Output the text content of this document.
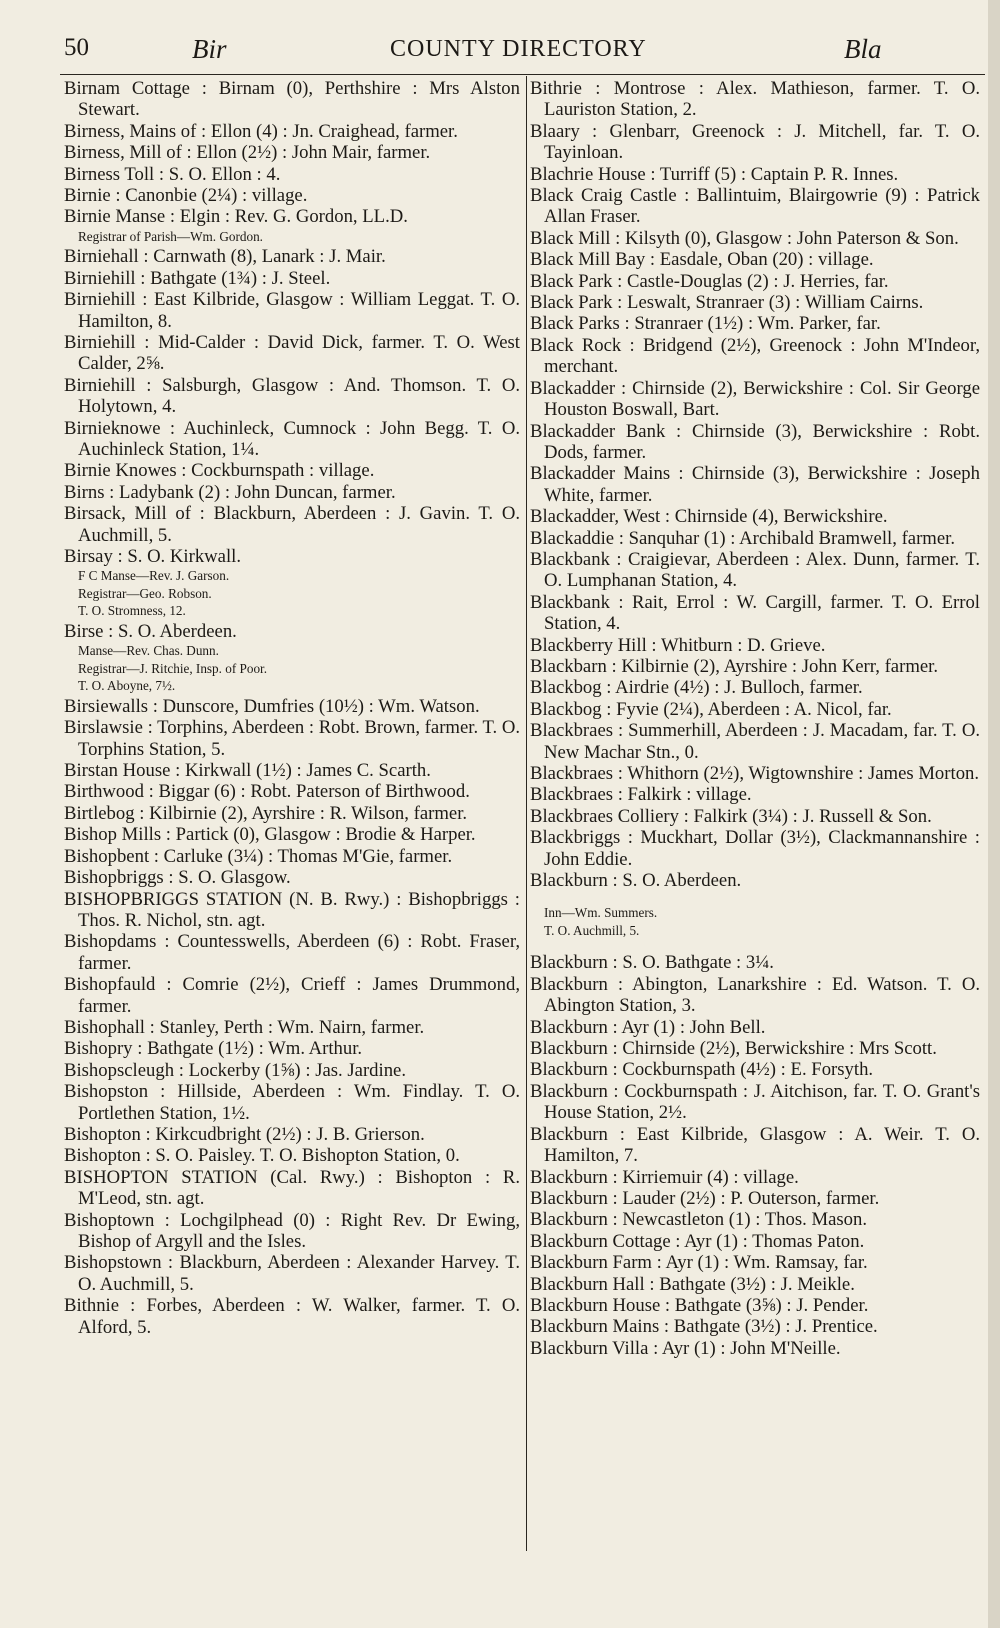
50	Bir	COUNTY DIRECTORY	Bla

Birnam Cottage : Birnam (0), Perthshire : Mrs Alston Stewart.

Birness, Mains of : Ellon (4) : Jn. Craighead, farmer.

Birness, Mill of : Ellon (2½) : John Mair, farmer.

Birness Toll : S. O. Ellon : 4.

Birnie : Canonbie (2¼) : village.

Birnie Manse : Elgin : Rev. G. Gordon, LL.D.

Registrar of Parish—Wm. Gordon.

Birniehall : Carnwath (8), Lanark : J. Mair.

Birniehill : Bathgate (1¾) : J. Steel.

Birniehill : East Kilbride, Glasgow : William Leggat. T. O. Hamilton, 8.

Birniehill : Mid-Calder : David Dick, farmer. T. O. West Calder, 2⅝.

Birniehill : Salsburgh, Glasgow : And. Thomson. T. O. Holytown, 4.

Birnieknowe : Auchinleck, Cumnock : John Begg. T. O. Auchinleck Station, 1¼.

Birnie Knowes : Cockburnspath : village.

Birns : Ladybank (2) : John Duncan, farmer.

Birsack, Mill of : Blackburn, Aberdeen : J. Gavin. T. O. Auchmill, 5.

Birsay : S. O. Kirkwall.

F C Manse—Rev. J. Garson.

Registrar—Geo. Robson.

T. O. Stromness, 12.

Birse : S. O. Aberdeen.

Manse—Rev. Chas. Dunn.

Registrar—J. Ritchie, Insp. of Poor.

T. O. Aboyne, 7½.

Birsiewalls : Dunscore, Dumfries (10½) : Wm. Watson.

Birslawsie : Torphins, Aberdeen : Robt. Brown, farmer. T. O. Torphins Station, 5.

Birstan House : Kirkwall (1½) : James C. Scarth.

Birthwood : Biggar (6) : Robt. Paterson of Birthwood.

Birtlebog : Kilbirnie (2), Ayrshire : R. Wilson, farmer.

Bishop Mills : Partick (0), Glasgow : Brodie & Harper.

Bishopbent : Carluke (3¼) : Thomas M'Gie, farmer.

Bishopbriggs : S. O. Glasgow.

BISHOPBRIGGS STATION (N. B. Rwy.) : Bishopbriggs : Thos. R. Nichol, stn. agt.

Bishopdams : Countesswells, Aberdeen (6) : Robt. Fraser, farmer.

Bishopfauld : Comrie (2½), Crieff : James Drummond, farmer.

Bishophall : Stanley, Perth : Wm. Nairn, farmer.

Bishopry : Bathgate (1½) : Wm. Arthur.

Bishopscleugh : Lockerby (1⅝) : Jas. Jardine.

Bishopston : Hillside, Aberdeen : Wm. Findlay. T. O. Portlethen Station, 1½.

Bishopton : Kirkcudbright (2½) : J. B. Grierson.

Bishopton : S. O. Paisley. T. O. Bishopton Station, 0.

BISHOPTON STATION (Cal. Rwy.) : Bishopton : R. M'Leod, stn. agt.

Bishoptown : Lochgilphead (0) : Right Rev. Dr Ewing, Bishop of Argyll and the Isles.

Bishopstown : Blackburn, Aberdeen : Alexander Harvey. T. O. Auchmill, 5.

Bithnie : Forbes, Aberdeen : W. Walker, farmer. T. O. Alford, 5.

Bithrie : Montrose : Alex. Mathieson, farmer. T. O. Lauriston Station, 2.

Blaary : Glenbarr, Greenock : J. Mitchell, far. T. O. Tayinloan.

Blachrie House : Turriff (5) : Captain P. R. Innes.

Black Craig Castle : Ballintuim, Blairgowrie (9) : Patrick Allan Fraser.

Black Mill : Kilsyth (0), Glasgow : John Paterson & Son.

Black Mill Bay : Easdale, Oban (20) : village.

Black Park : Castle-Douglas (2) : J. Herries, far.

Black Park : Leswalt, Stranraer (3) : William Cairns.

Black Parks : Stranraer (1½) : Wm. Parker, far.

Black Rock : Bridgend (2½), Greenock : John M'Indeor, merchant.

Blackadder : Chirnside (2), Berwickshire : Col. Sir George Houston Boswall, Bart.

Blackadder Bank : Chirnside (3), Berwickshire : Robt. Dods, farmer.

Blackadder Mains : Chirnside (3), Berwickshire : Joseph White, farmer.

Blackadder, West : Chirnside (4), Berwickshire.

Blackaddie : Sanquhar (1) : Archibald Bramwell, farmer.

Blackbank : Craigievar, Aberdeen : Alex. Dunn, farmer. T. O. Lumphanan Station, 4.

Blackbank : Rait, Errol : W. Cargill, farmer. T. O. Errol Station, 4.

Blackberry Hill : Whitburn : D. Grieve.

Blackbarn : Kilbirnie (2), Ayrshire : John Kerr, farmer.

Blackbog : Airdrie (4½) : J. Bulloch, farmer.

Blackbog : Fyvie (2¼), Aberdeen : A. Nicol, far.

Blackbraes : Summerhill, Aberdeen : J. Macadam, far. T. O. New Machar Stn., 0.

Blackbraes : Whithorn (2½), Wigtownshire : James Morton.

Blackbraes : Falkirk : village.

Blackbraes Colliery : Falkirk (3¼) : J. Russell & Son.

Blackbriggs : Muckhart, Dollar (3½), Clackmannanshire : John Eddie.

Blackburn : S. O. Aberdeen.

Inn—Wm. Summers.

T. O. Auchmill, 5.

Blackburn : S. O. Bathgate : 3¼.

Blackburn : Abington, Lanarkshire : Ed. Watson. T. O. Abington Station, 3.

Blackburn : Ayr (1) : John Bell.

Blackburn : Chirnside (2½), Berwickshire : Mrs Scott.

Blackburn : Cockburnspath (4½) : E. Forsyth.

Blackburn : Cockburnspath : J. Aitchison, far. T. O. Grant's House Station, 2½.

Blackburn : East Kilbride, Glasgow : A. Weir. T. O. Hamilton, 7.

Blackburn : Kirriemuir (4) : village.

Blackburn : Lauder (2½) : P. Outerson, farmer.

Blackburn : Newcastleton (1) : Thos. Mason.

Blackburn Cottage : Ayr (1) : Thomas Paton.

Blackburn Farm : Ayr (1) : Wm. Ramsay, far.

Blackburn Hall : Bathgate (3½) : J. Meikle.

Blackburn House : Bathgate (3⅝) : J. Pender.

Blackburn Mains : Bathgate (3½) : J. Prentice.

Blackburn Villa : Ayr (1) : John M'Neille.
